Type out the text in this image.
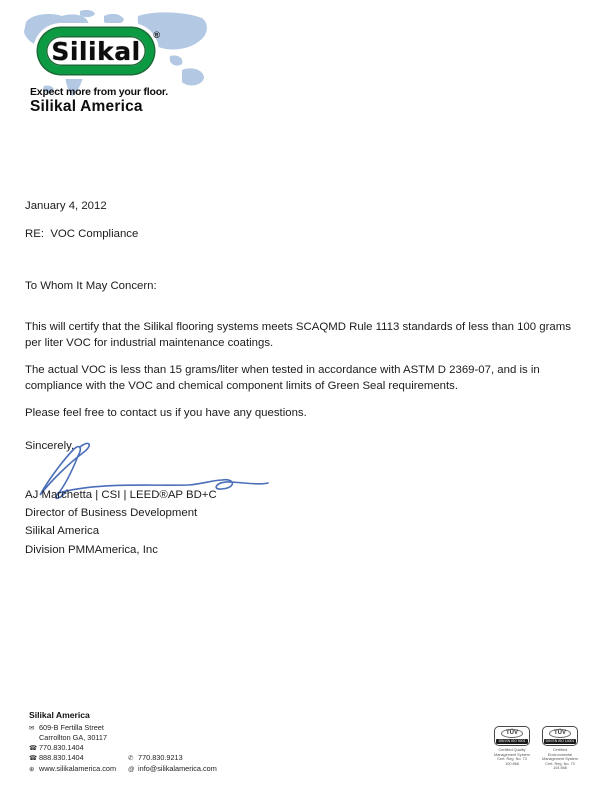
Silikal
®
Expect more from your floor.
Silikal America
January 4, 2012
RE:  VOC Compliance
To Whom It May Concern:
This will certify that the Silikal flooring systems meets SCAQMD Rule 1113 standards of less than 100 grams per liter VOC for industrial maintenance coatings.
The actual VOC is less than 15 grams/liter when tested in accordance with ASTM D 2369-07, and is in compliance with the VOC and chemical component limits of Green Seal requirements.
Please feel free to contact us if you have any questions.
Sincerely,
AJ Marchetta | CSI | LEED®AP BD+C
Director of Business Development
Silikal America
Division PMMAmerica, Inc
Silikal America
✉ 609-B Fertilla Street
Carrollton GA, 30117
☎ 770.830.1404
☎ 888.830.1404	✆ 770.830.9213
⊕ www.silikalamerica.com @ info@silikalamerica.com
TÜV
DIN EN ISO 9001
Certified Quality
Management System
Cert. Reg. No. 73 100 868
TÜV
DIN EN ISO 14001
Certified Environmental
Management System
Cert. Reg. No. 73 104 868
